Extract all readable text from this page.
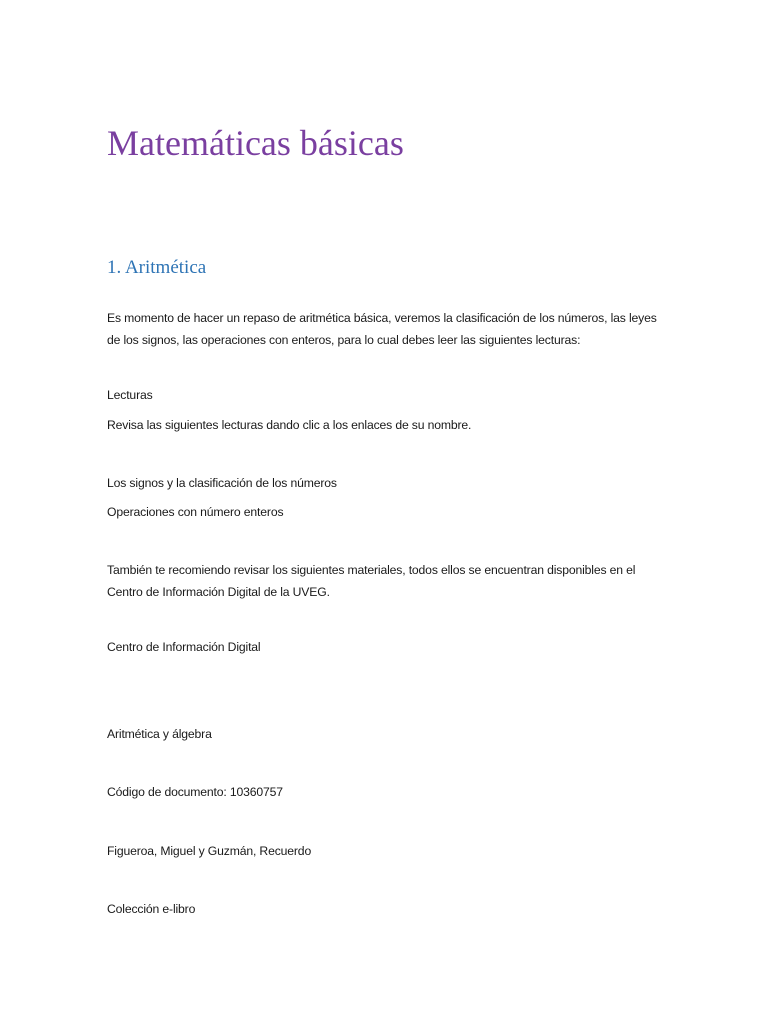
Matemáticas básicas
1. Aritmética

Es momento de hacer un repaso de aritmética básica, veremos la clasificación de los números, las leyes de los signos, las operaciones con enteros, para lo cual debes leer las siguientes lecturas:

Lecturas

Revisa las siguientes lecturas dando clic a los enlaces de su nombre.

Los signos y la clasificación de los números

Operaciones con número enteros

También te recomiendo revisar los siguientes materiales, todos ellos se encuentran disponibles en el Centro de Información Digital de la UVEG.

Centro de Información Digital

Aritmética y álgebra

Código de documento: 10360757

Figueroa, Miguel y Guzmán, Recuerdo

Colección e-libro
